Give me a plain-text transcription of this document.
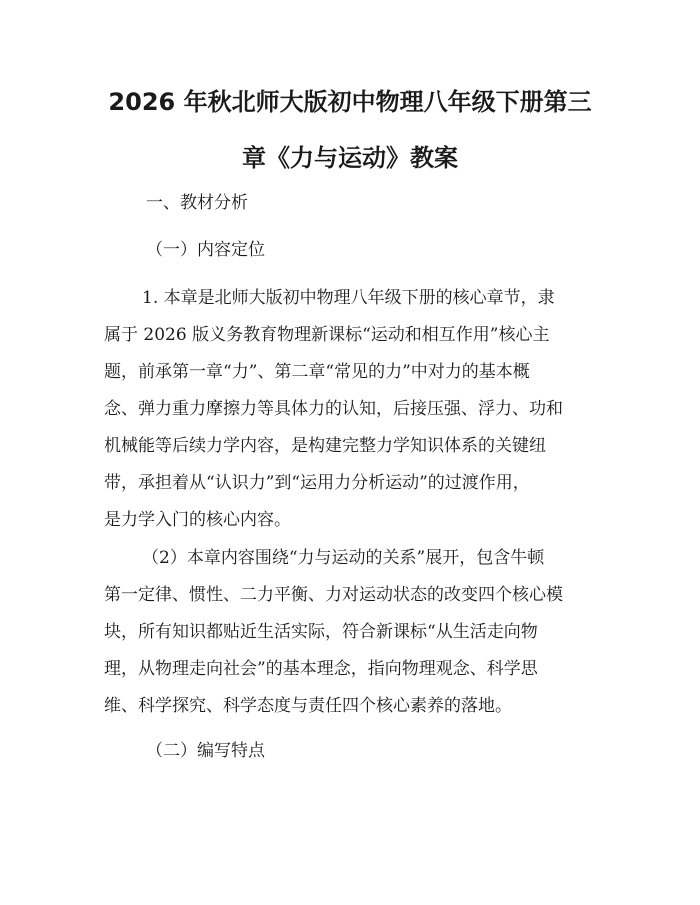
2026 年秋北师大版初中物理八年级下册第三
章《力与运动》教案

一、教材分析

（一）内容定位

1. 本章是北师大版初中物理八年级下册的核心章节，隶
属于 2026 版义务教育物理新课标“运动和相互作用”核心主
题，前承第一章“力”、第二章“常见的力”中对力的基本概
念、弹力重力摩擦力等具体力的认知，后接压强、浮力、功和
机械能等后续力学内容，是构建完整力学知识体系的关键纽
带，承担着从“认识力”到“运用力分析运动”的过渡作用，
是力学入门的核心内容。
（2）本章内容围绕“力与运动的关系”展开，包含牛顿
第一定律、惯性、二力平衡、力对运动状态的改变四个核心模
块，所有知识都贴近生活实际，符合新课标“从生活走向物
理，从物理走向社会”的基本理念，指向物理观念、科学思
维、科学探究、科学态度与责任四个核心素养的落地。

（二）编写特点
